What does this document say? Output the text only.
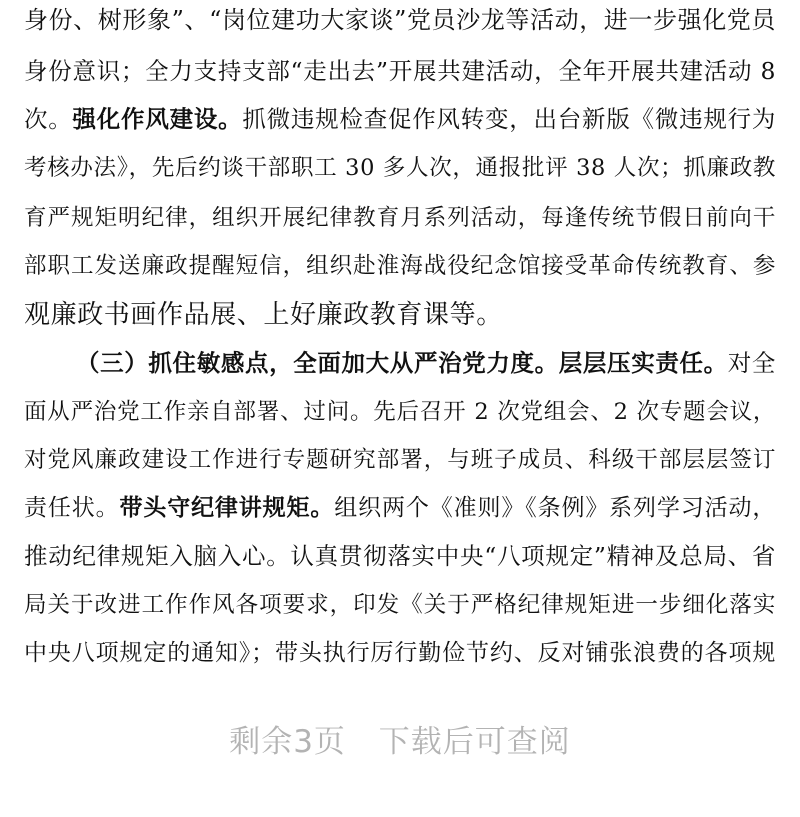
身份、树形象”、“岗位建功大家谈”党员沙龙等活动，进一步强化党员
身份意识；全力支持支部“走出去”开展共建活动，全年开展共建活动 8
次。强化作风建设。抓微违规检查促作风转变，出台新版《微违规行为
考核办法》，先后约谈干部职工 30 多人次，通报批评 38 人次；抓廉政教
育严规矩明纪律，组织开展纪律教育月系列活动，每逢传统节假日前向干
部职工发送廉政提醒短信，组织赴淮海战役纪念馆接受革命传统教育、参
观廉政书画作品展、上好廉政教育课等。
（三）抓住敏感点，全面加大从严治党力度。层层压实责任。对全
面从严治党工作亲自部署、过问。先后召开 2 次党组会、2 次专题会议，
对党风廉政建设工作进行专题研究部署，与班子成员、科级干部层层签订
责任状。带头守纪律讲规矩。组织两个《准则》《条例》系列学习活动，
推动纪律规矩入脑入心。认真贯彻落实中央“八项规定”精神及总局、省
局关于改进工作作风各项要求，印发《关于严格纪律规矩进一步细化落实
中央八项规定的通知》；带头执行厉行勤俭节约、反对铺张浪费的各项规
剩余3页 下载后可查阅
